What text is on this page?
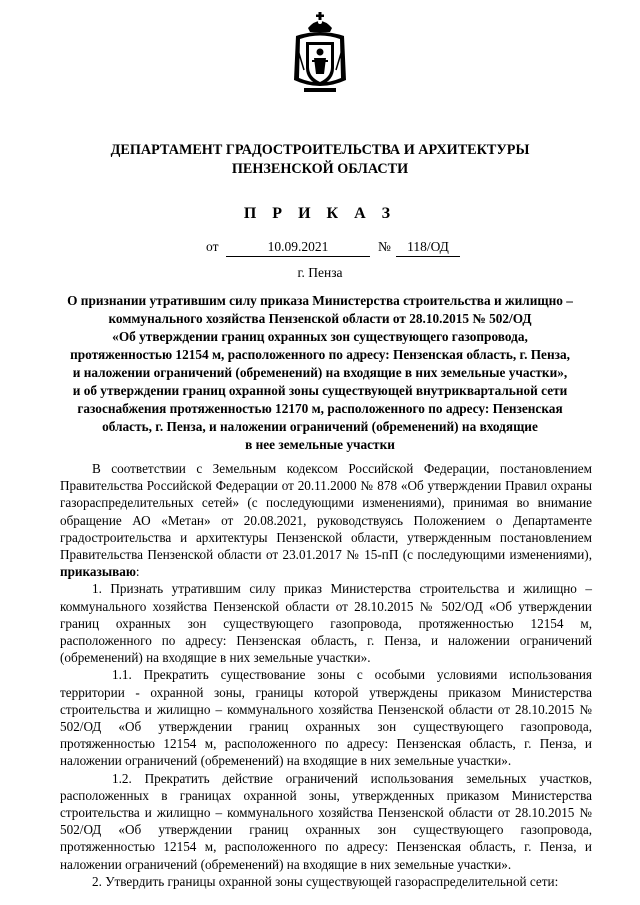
ДЕПАРТАМЕНТ ГРАДОСТРОИТЕЛЬСТВА И АРХИТЕКТУРЫ
ПЕНЗЕНСКОЙ ОБЛАСТИ
П Р И К А З
от	10.09.2021	№	118/ОД
г. Пенза
О признании утратившим силу приказа Министерства строительства и жилищно –
коммунального хозяйства Пензенской области от 28.10.2015 № 502/ОД
«Об утверждении границ охранных зон существующего газопровода,
протяженностью 12154 м, расположенного по адресу: Пензенская область, г. Пенза,
и наложении ограничений (обременений) на входящие в них земельные участки»,
и об утверждении границ охранной зоны существующей внутриквартальной сети
газоснабжения протяженностью 12170 м, расположенного по адресу: Пензенская
область, г. Пенза, и наложении ограничений (обременений) на входящие
в нее земельные участки

В соответствии с Земельным кодексом Российской Федерации, постановлением Правительства Российской Федерации от 20.11.2000 № 878 «Об утверждении Правил охраны газораспределительных сетей» (с последующими изменениями), принимая во внимание обращение АО «Метан» от 20.08.2021, руководствуясь Положением о Департаменте градостроительства и архитектуры Пензенской области, утвержденным постановлением Правительства Пензенской области от 23.01.2017 № 15-пП (с последующими изменениями), приказываю:

1. Признать утратившим силу приказ Министерства строительства и жилищно – коммунального хозяйства Пензенской области от 28.10.2015 № 502/ОД «Об утверждении границ охранных зон существующего газопровода, протяженностью 12154 м, расположенного по адресу: Пензенская область, г. Пенза, и наложении ограничений (обременений) на входящие в них земельные участки».

1.1. Прекратить существование зоны с особыми условиями использования территории - охранной зоны, границы которой утверждены приказом Министерства строительства и жилищно – коммунального хозяйства Пензенской области от 28.10.2015 № 502/ОД «Об утверждении границ охранных зон существующего газопровода, протяженностью 12154 м, расположенного по адресу: Пензенская область, г. Пенза, и наложении ограничений (обременений) на входящие в них земельные участки».

1.2. Прекратить действие ограничений использования земельных участков, расположенных в границах охранной зоны, утвержденных приказом Министерства строительства и жилищно – коммунального хозяйства Пензенской области от 28.10.2015 № 502/ОД «Об утверждении границ охранных зон существующего газопровода, протяженностью 12154 м, расположенного по адресу: Пензенская область, г. Пенза, и наложении ограничений (обременений) на входящие в них земельные участки».

2. Утвердить границы охранной зоны существующей газораспределительной сети:
